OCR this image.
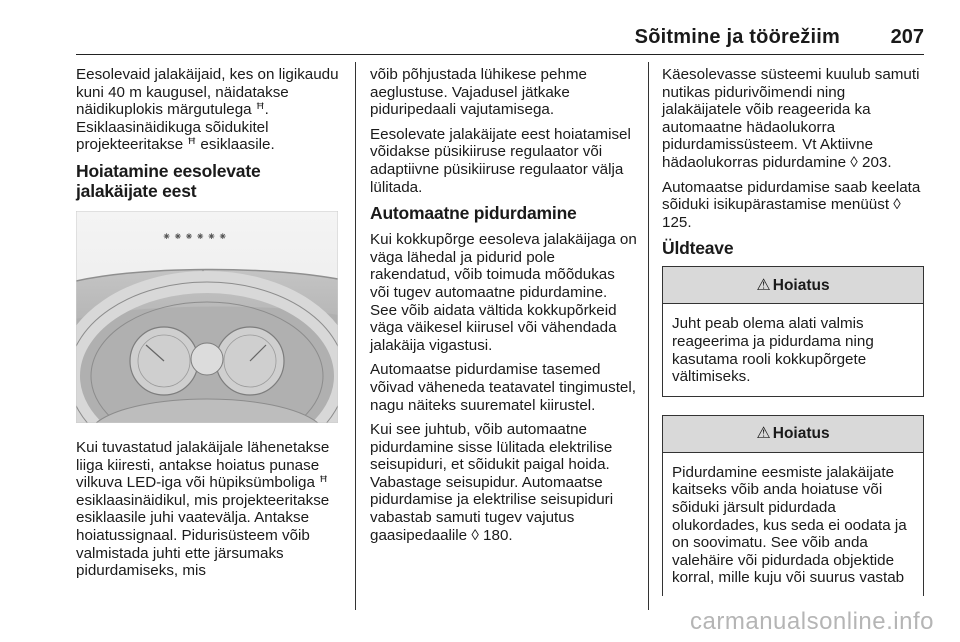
Sõitmine ja töörežiim	207

Eesolevaid jalakäijaid, kes on ligikaudu kuni 40 m kaugusel, näidatakse näidikuplokis märgutulega ꟸ. Esiklaasinäidikuga sõidukitel projekteeritakse ꟸ esiklaasile.

Hoiatamine eesolevate jalakäijate eest
⁕⁕⁕⁕⁕⁕

Kui tuvastatud jalakäijale lähenetakse liiga kiiresti, antakse hoiatus punase vilkuva LED-iga või hüpiksümboliga ꟸ esiklaasinäidikul, mis projekteeritakse esiklaasile juhi vaatevälja. Antakse hoiatussignaal. Pidurisüsteem võib valmistada juhti ette järsumaks pidurdamiseks, mis

võib põhjustada lühikese pehme aeglustuse. Vajadusel jätkake piduripedaali vajutamisega.

Eesolevate jalakäijate eest hoiatamisel võidakse püsikiiruse regulaator või adaptiivne püsikiiruse regulaator välja lülitada.

Automaatne pidurdamine

Kui kokkupõrge eesoleva jalakäijaga on väga lähedal ja pidurid pole rakendatud, võib toimuda mõõdukas või tugev automaatne pidurdamine. See võib aidata vältida kokkupõrkeid väga väikesel kiirusel või vähendada jalakäija vigastusi.

Automaatse pidurdamise tasemed võivad väheneda teatavatel tingimustel, nagu näiteks suurematel kiirustel.

Kui see juhtub, võib automaatne pidurdamine sisse lülitada elektrilise seisupiduri, et sõidukit paigal hoida. Vabastage seisupidur. Automaatse pidurdamise ja elektrilise seisupiduri vabastab samuti tugev vajutus gaasipedaalile ◊ 180.

Käesolevasse süsteemi kuulub samuti nutikas pidurivõimendi ning jalakäijatele võib reageerida ka automaatne hädaolukorra pidurdamissüsteem. Vt Aktiivne hädaolukorras pidurdamine ◊ 203.

Automaatse pidurdamise saab keelata sõiduki isikupärastamise menüüst ◊ 125.

Üldteave
⚠ Hoiatus
Juht peab olema alati valmis reageerima ja pidurdama ning kasutama rooli kokkupõrgete vältimiseks.
⚠ Hoiatus
Pidurdamine eesmiste jalakäijate kaitseks võib anda hoiatuse või sõiduki järsult pidurdada olukordades, kus seda ei oodata ja on soovimatu. See võib anda valehäire või pidurdada objektide korral, mille kuju või suurus vastab
carmanualsonline.info
